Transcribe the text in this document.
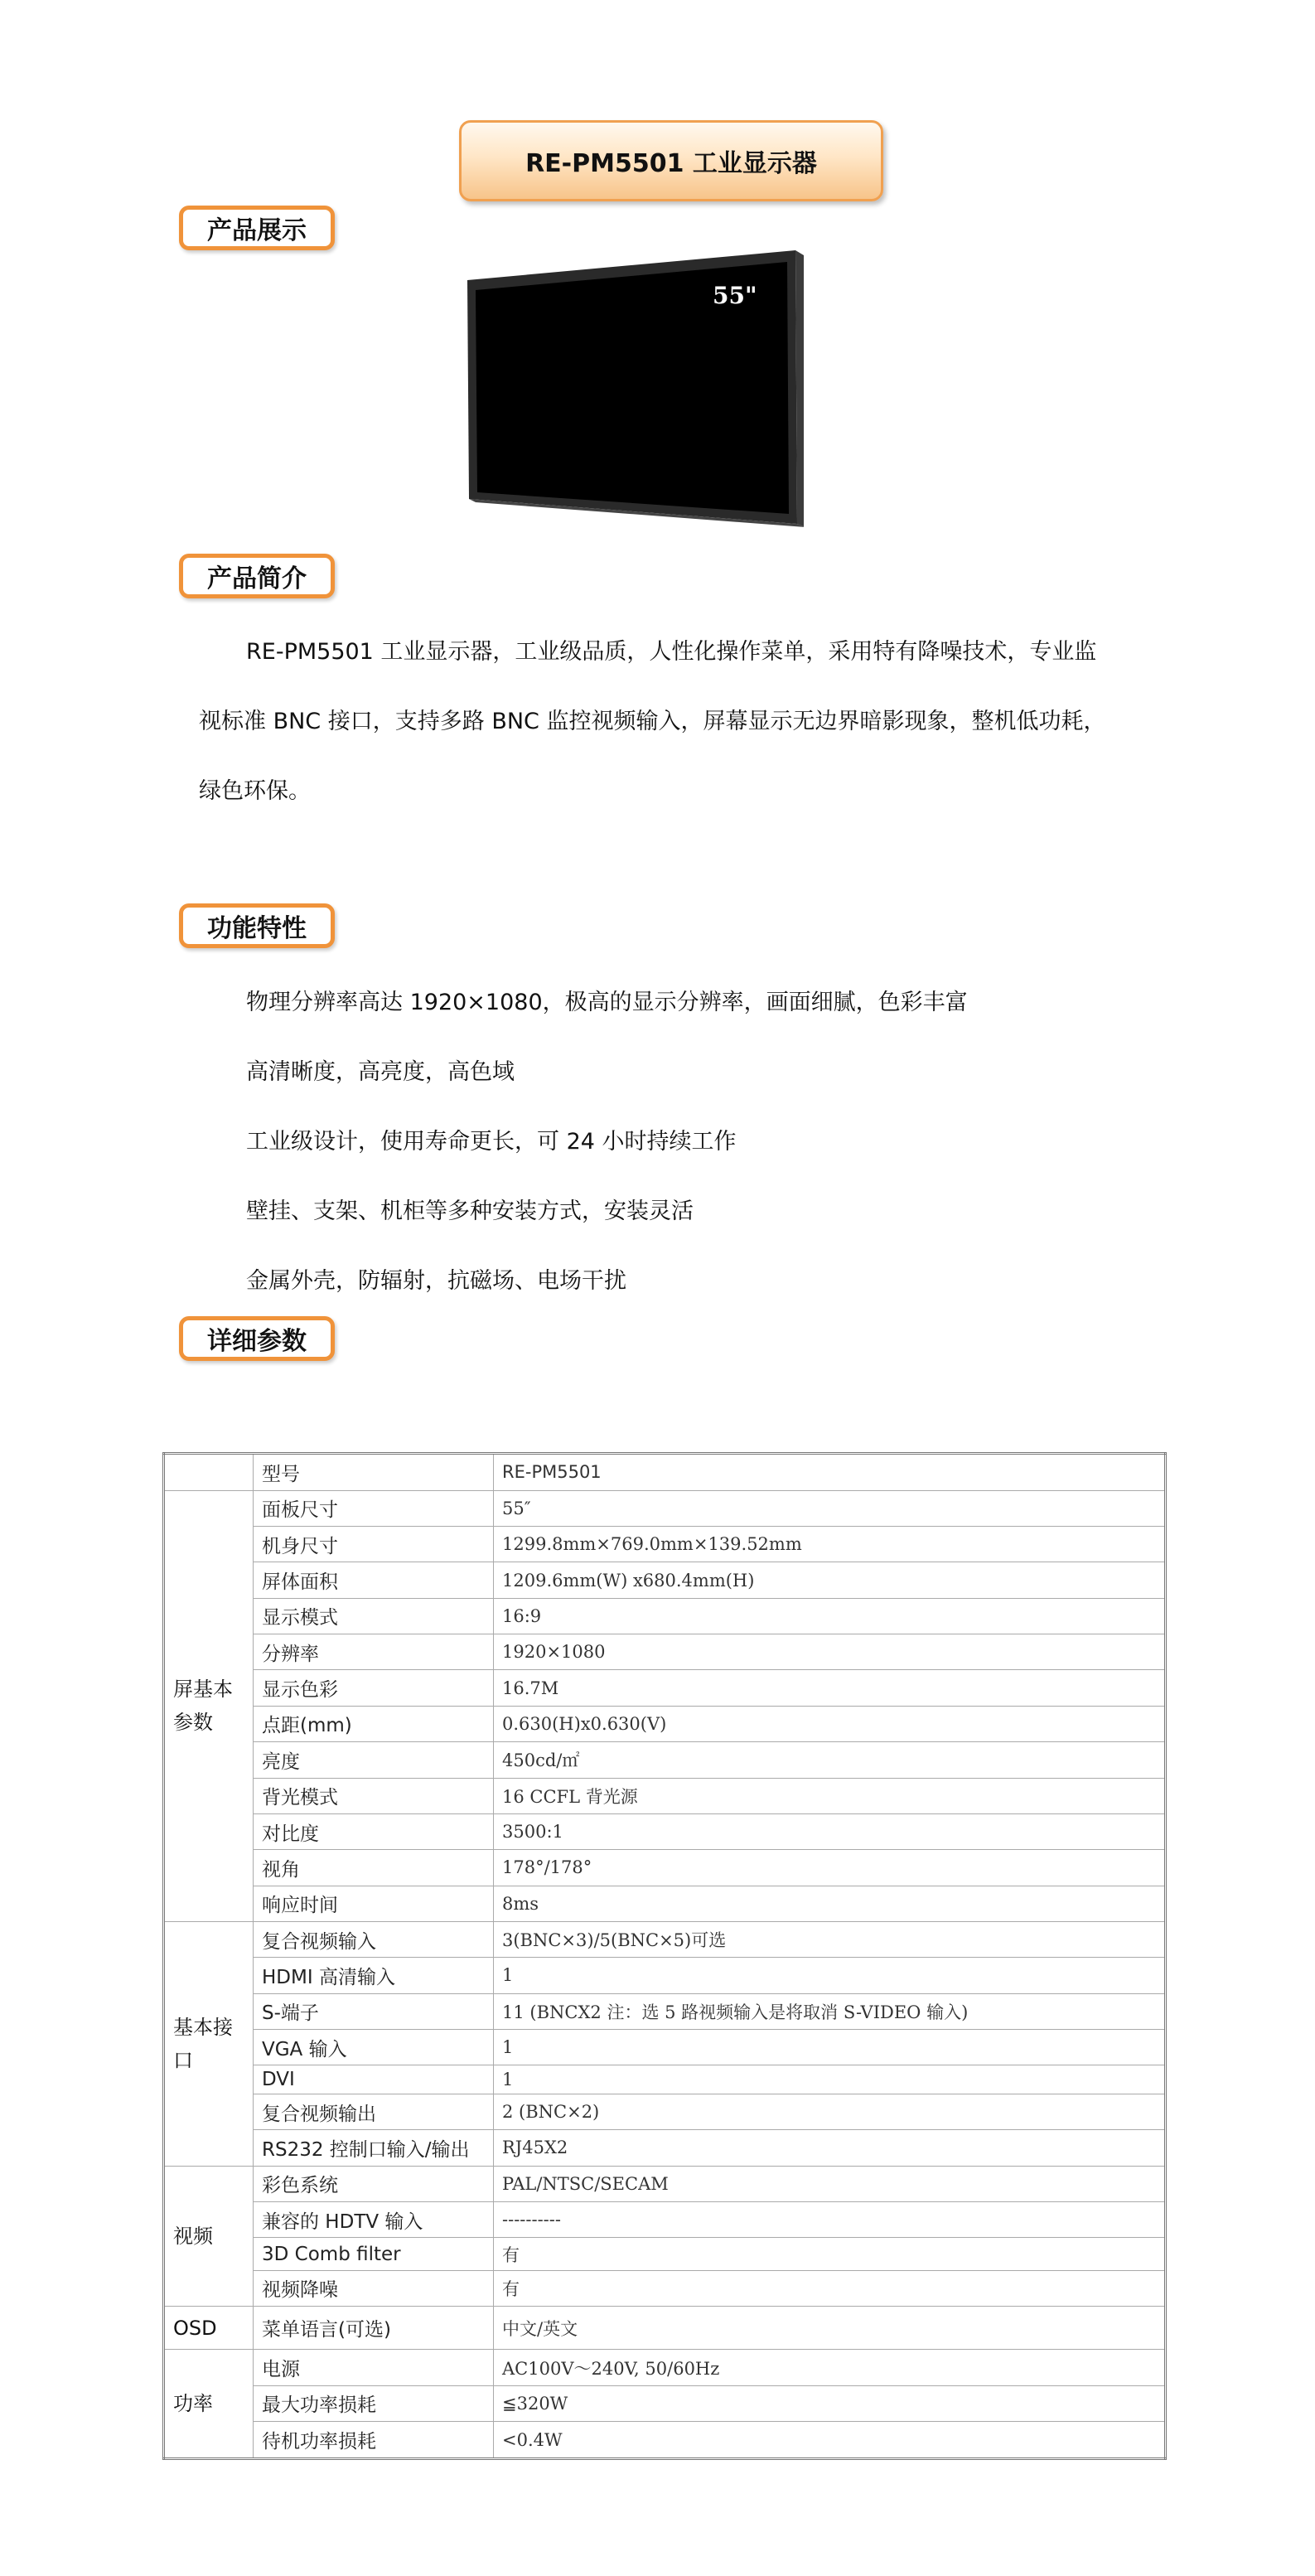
RE-PM5501 工业显示器
产品展示
55"
产品简介

RE-PM5501 工业显示器，工业级品质，人性化操作菜单，采用特有降噪技术，专业监

视标准 BNC 接口，支持多路 BNC 监控视频输入，屏幕显示无边界暗影现象，整机低功耗，

绿色环保。

功能特性
物理分辨率高达 1920×1080，极高的显示分辨率，画面细腻，色彩丰富
高清晰度，高亮度，高色域
工业级设计，使用寿命更长，可 24 小时持续工作
壁挂、支架、机柜等多种安装方式，安装灵活
金属外壳，防辐射，抗磁场、电场干扰
详细参数
	型号	RE-PM5501
屏基本参数	面板尺寸	55″
	机身尺寸	1299.8mm×769.0mm×139.52mm
	屏体面积	1209.6mm(W) x680.4mm(H)
	显示模式	16:9
	分辨率	1920×1080
	显示色彩	16.7M
	点距(mm)	0.630(H)x0.630(V)
	亮度	450cd/㎡
	背光模式	16 CCFL 背光源
	对比度	3500:1
	视角	178°/178°
	响应时间	8ms
基本接口	复合视频输入	3(BNC×3)/5(BNC×5)可选
	HDMI 高清输入	1
	S-端子	11 (BNCX2 注：选 5 路视频输入是将取消 S-VIDEO 输入)
	VGA 输入	1
	DVI	1
	复合视频输出	2 (BNC×2)
	RS232 控制口输入/输出	RJ45X2
视频	彩色系统	PAL/NTSC/SECAM
	兼容的 HDTV 输入	----------
	3D Comb filter	有
	视频降噪	有
OSD	菜单语言(可选)	中文/英文
功率	电源	AC100V～240V, 50/60Hz
	最大功率损耗	≦320W
	待机功率损耗	<0.4W
